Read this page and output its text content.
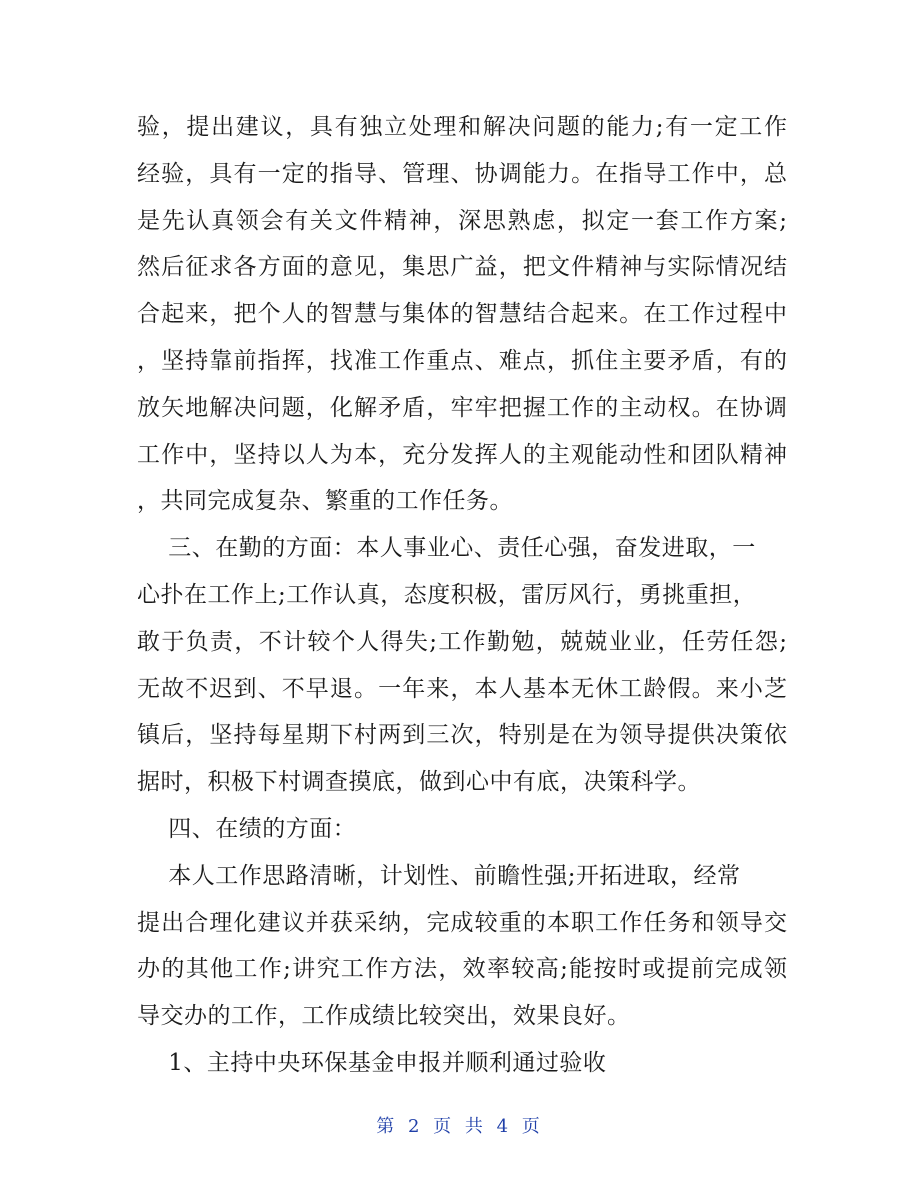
验，提出建议，具有独立处理和解决问题的能力;有一定工作
经验，具有一定的指导、管理、协调能力。在指导工作中，总
是先认真领会有关文件精神，深思熟虑，拟定一套工作方案;
然后征求各方面的意见，集思广益，把文件精神与实际情况结
合起来，把个人的智慧与集体的智慧结合起来。在工作过程中
，坚持靠前指挥，找准工作重点、难点，抓住主要矛盾，有的
放矢地解决问题，化解矛盾，牢牢把握工作的主动权。在协调
工作中，坚持以人为本，充分发挥人的主观能动性和团队精神
，共同完成复杂、繁重的工作任务。
三、在勤的方面：本人事业心、责任心强，奋发进取，一
心扑在工作上;工作认真，态度积极，雷厉风行，勇挑重担，
敢于负责，不计较个人得失;工作勤勉，兢兢业业，任劳任怨;
无故不迟到、不早退。一年来，本人基本无休工龄假。来小芝
镇后，坚持每星期下村两到三次，特别是在为领导提供决策依
据时，积极下村调查摸底，做到心中有底，决策科学。
四、在绩的方面：
本人工作思路清晰，计划性、前瞻性强;开拓进取，经常
提出合理化建议并获采纳，完成较重的本职工作任务和领导交
办的其他工作;讲究工作方法，效率较高;能按时或提前完成领
导交办的工作，工作成绩比较突出，效果良好。
1、主持中央环保基金申报并顺利通过验收
第 2 页 共 4 页
